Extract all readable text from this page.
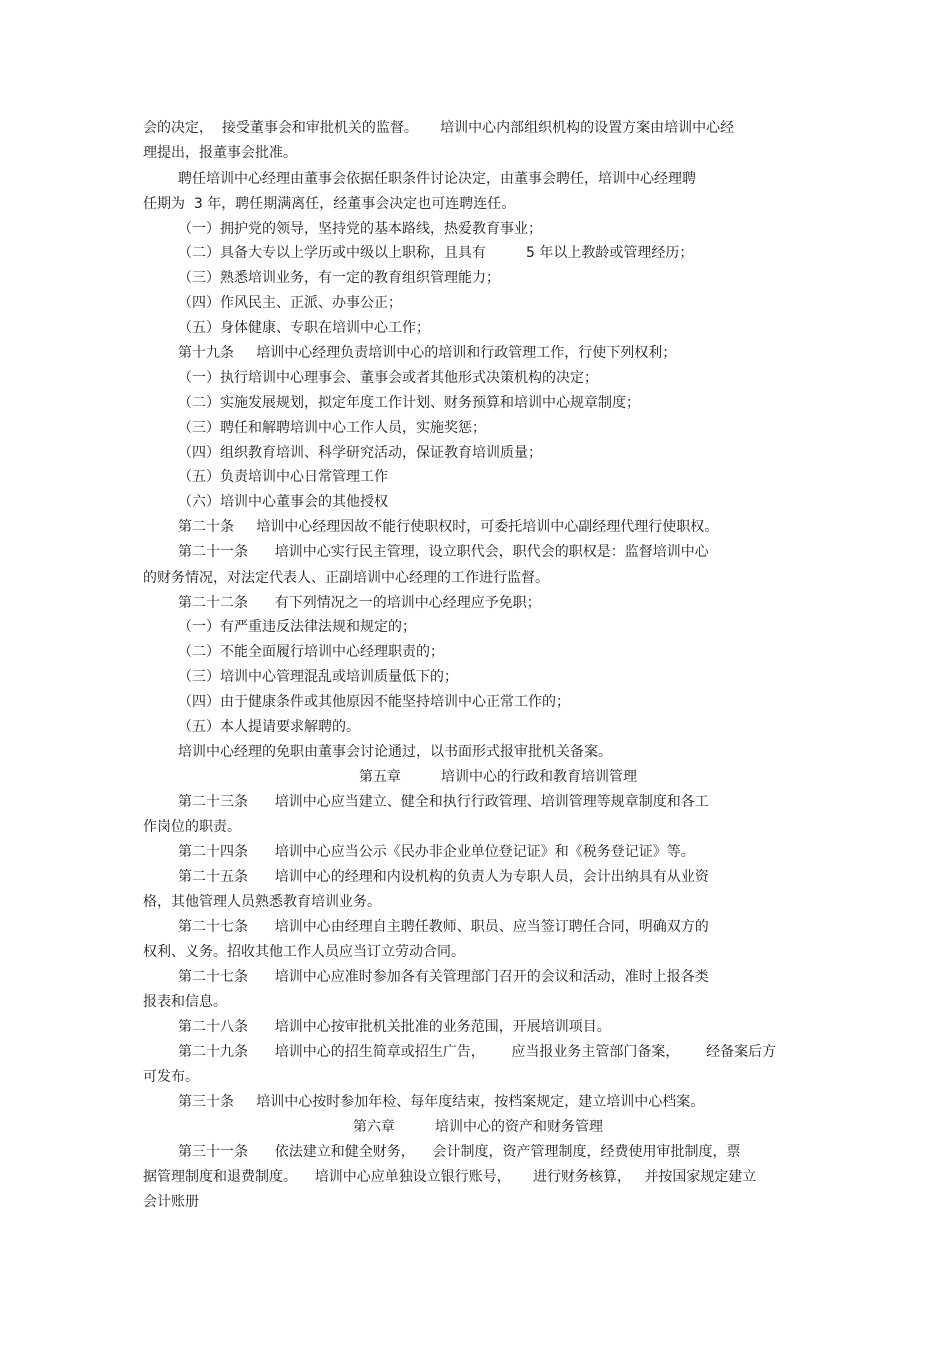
会的决定，  接受董事会和审批机关的监督。     培训中心内部组织机构的设置方案由培训中心经
理提出，报董事会批准。
聘任培训中心经理由董事会依据任职条件讨论决定，由董事会聘任，培训中心经理聘
任期为  3 年，聘任期满离任，经董事会决定也可连聘连任。
（一）拥护党的领导，坚持党的基本路线，热爱教育事业；
（二）具备大专以上学历或中级以上职称，且具有         5 年以上教龄或管理经历；
（三）熟悉培训业务，有一定的教育组织管理能力；
（四）作风民主、正派、办事公正；
（五）身体健康、专职在培训中心工作；
第十九条     培训中心经理负责培训中心的培训和行政管理工作，行使下列权利；
（一）执行培训中心理事会、董事会或者其他形式决策机构的决定；
（二）实施发展规划，拟定年度工作计划、财务预算和培训中心规章制度；
（三）聘任和解聘培训中心工作人员，实施奖惩；
（四）组织教育培训、科学研究活动，保证教育培训质量；
（五）负责培训中心日常管理工作
（六）培训中心董事会的其他授权
第二十条     培训中心经理因故不能行使职权时，可委托培训中心副经理代理行使职权。
第二十一条      培训中心实行民主管理，设立职代会，职代会的职权是：监督培训中心
的财务情况，对法定代表人、正副培训中心经理的工作进行监督。
第二十二条      有下列情况之一的培训中心经理应予免职；
（一）有严重违反法律法规和规定的；
（二）不能全面履行培训中心经理职责的；
（三）培训中心管理混乱或培训质量低下的；
（四）由于健康条件或其他原因不能坚持培训中心正常工作的；
（五）本人提请要求解聘的。
培训中心经理的免职由董事会讨论通过，以书面形式报审批机关备案。
第五章         培训中心的行政和教育培训管理
第二十三条      培训中心应当建立、健全和执行行政管理、培训管理等规章制度和各工
作岗位的职责。
第二十四条      培训中心应当公示《民办非企业单位登记证》和《税务登记证》等。
第二十五条      培训中心的经理和内设机构的负责人为专职人员，会计出纳具有从业资
格，其他管理人员熟悉教育培训业务。
第二十七条      培训中心由经理自主聘任教师、职员、应当签订聘任合同，明确双方的
权利、义务。招收其他工作人员应当订立劳动合同。
第二十七条      培训中心应准时参加各有关管理部门召开的会议和活动，准时上报各类
报表和信息。
第二十八条      培训中心按审批机关批准的业务范围，开展培训项目。
第二十九条      培训中心的招生简章或招生广告，      应当报业务主管部门备案，      经备案后方
可发布。
第三十条     培训中心按时参加年检、每年度结束，按档案规定，建立培训中心档案。
第六章         培训中心的资产和财务管理
第三十一条      依法建立和健全财务，    会计制度，资产管理制度，经费使用审批制度，票
据管理制度和退费制度。    培训中心应单独设立银行账号，     进行财务核算，   并按国家规定建立
会计账册
